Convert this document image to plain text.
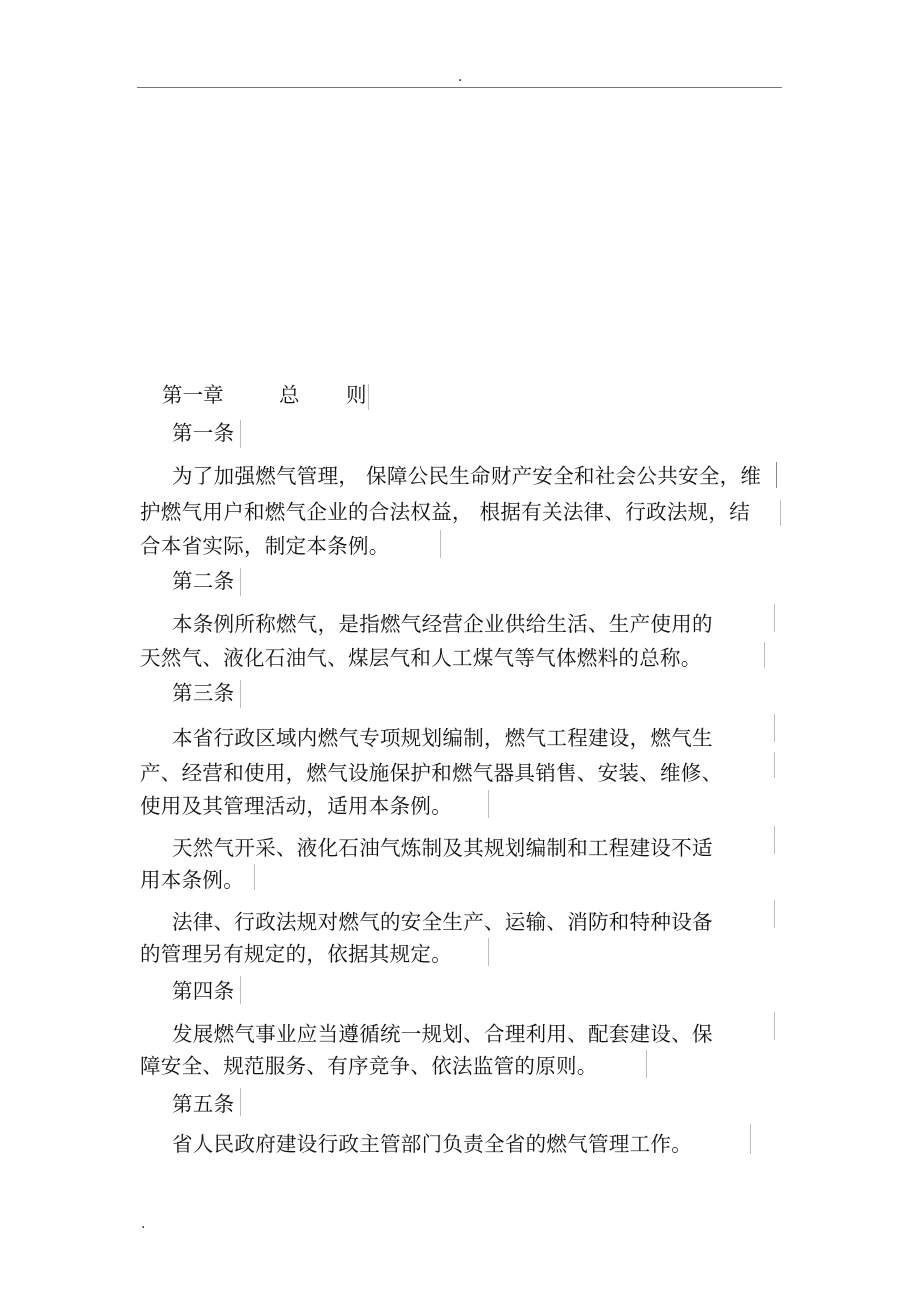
.
第一章	总 则
第一条
为了加强燃气管理， 保障公民生命财产安全和社会公共安全，维
护燃气用户和燃气企业的合法权益， 根据有关法律、行政法规，结
合本省实际，制定本条例。
第二条
本条例所称燃气，是指燃气经营企业供给生活、生产使用的
天然气、液化石油气、煤层气和人工煤气等气体燃料的总称。
第三条
本省行政区域内燃气专项规划编制，燃气工程建设，燃气生
产、经营和使用，燃气设施保护和燃气器具销售、安装、维修、
使用及其管理活动，适用本条例。
天然气开采、液化石油气炼制及其规划编制和工程建设不适
用本条例。
法律、行政法规对燃气的安全生产、运输、消防和特种设备
的管理另有规定的，依据其规定。
第四条
发展燃气事业应当遵循统一规划、合理利用、配套建设、保
障安全、规范服务、有序竞争、依法监管的原则。
第五条
省人民政府建设行政主管部门负责全省的燃气管理工作。
.
